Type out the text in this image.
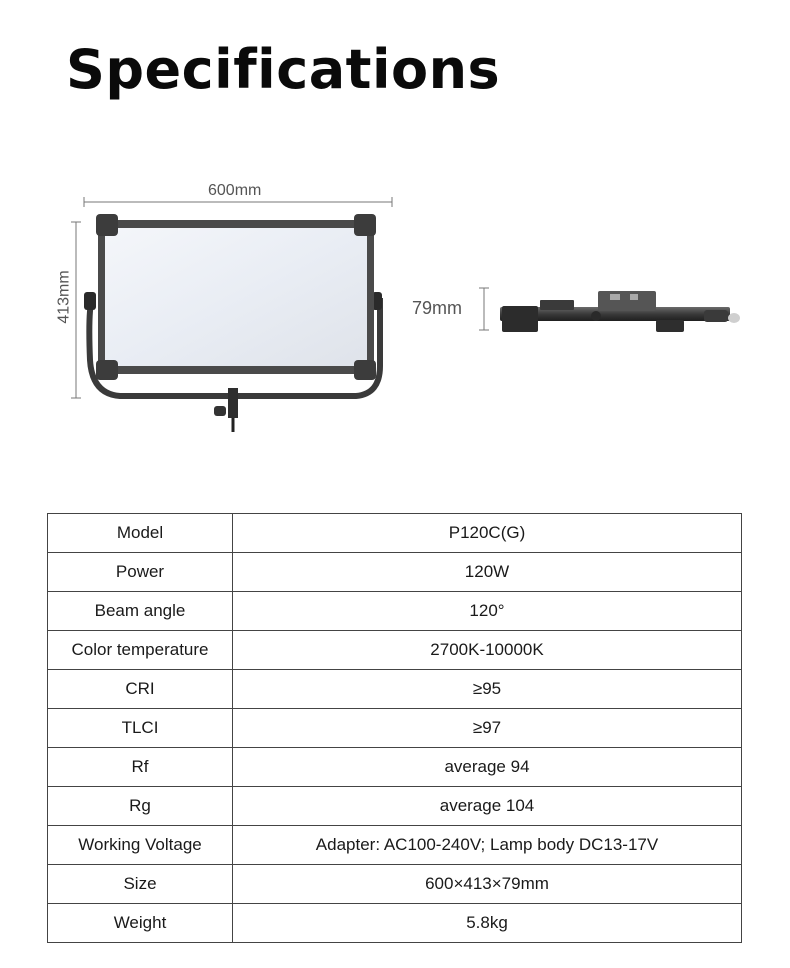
Specifications
600mm
413mm	79mm
Model	P120C(G)
Power	120W
Beam angle	120°
Color temperature	2700K-10000K
CRI	≥95
TLCI	≥97
Rf	average 94
Rg	average 104
Working Voltage	Adapter: AC100-240V; Lamp body DC13-17V
Size	600×413×79mm
Weight	5.8kg
